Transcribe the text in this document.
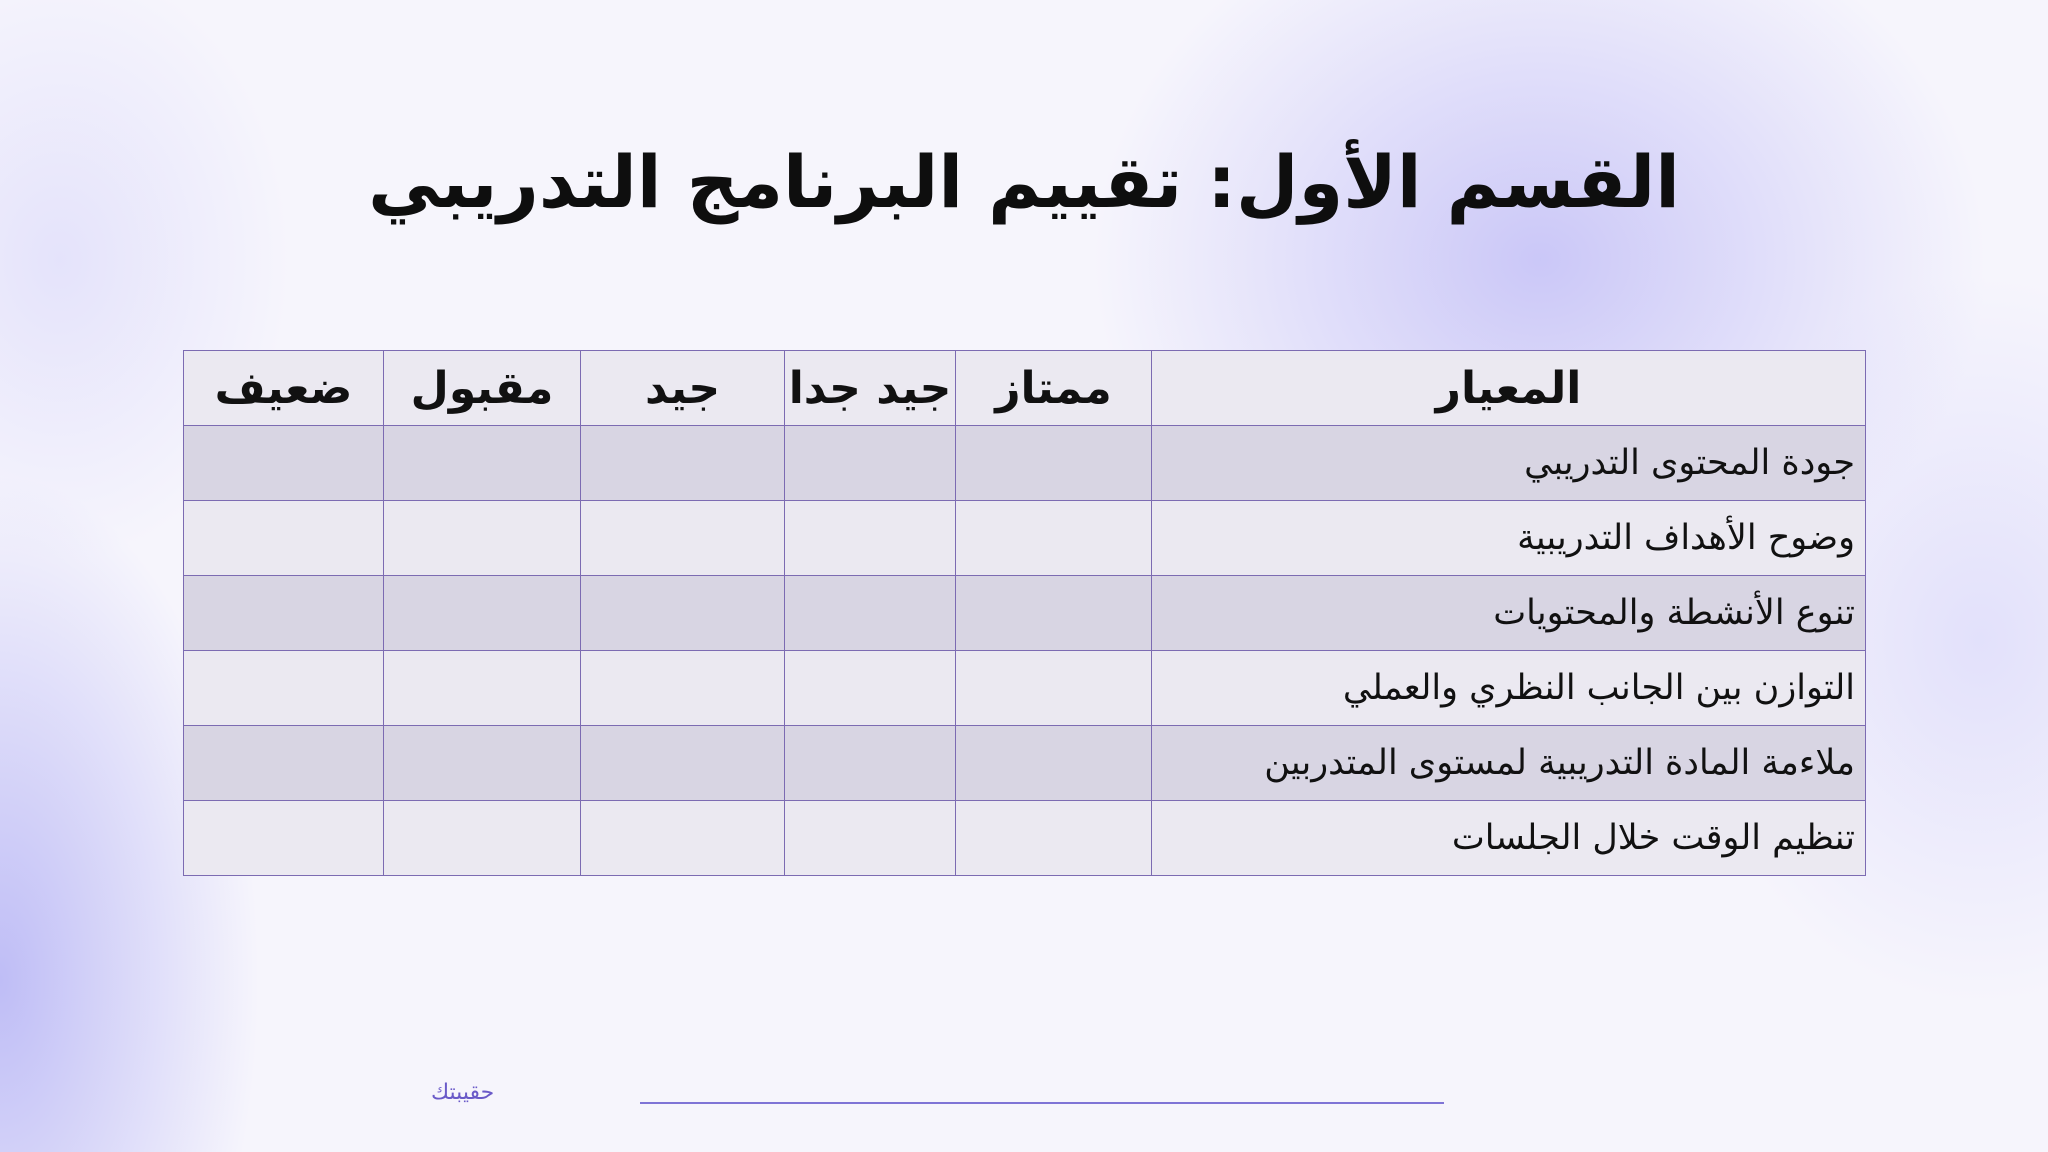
القسم الأول: تقييم البرنامج التدريبي
المعيار	ممتاز	جيد جدا	جيد	مقبول	ضعيف
جودة المحتوى التدريبي					
وضوح الأهداف التدريبية					
تنوع الأنشطة والمحتويات					
التوازن بين الجانب النظري والعملي					
ملاءمة المادة التدريبية لمستوى المتدربين					
تنظيم الوقت خلال الجلسات					
حقيبتك
